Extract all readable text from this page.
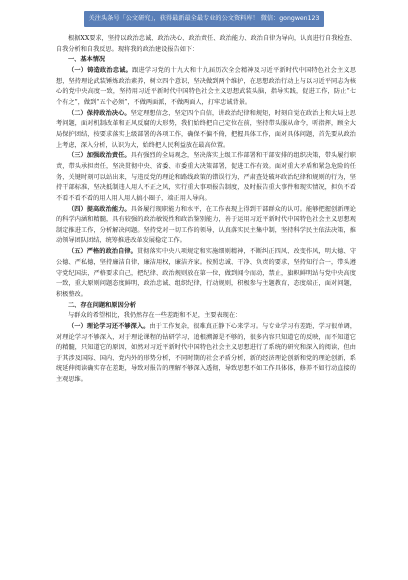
关注头条号「公文研究」，获得最新最全最专业的公文资料库！ 微信：gongwen123

根据XX要求，坚持以政治忠诚、政治决心、政治责任、政治能力、政治自律为导向，认真进行自我检查、自我分析和自我反思。现将我的政治建设报告如下：

一、基本情况

（一）铸造政治忠诚。跟进学习党的十九大和十九届历次全会精神及习近平新时代中国特色社会主义思想，坚持理论武装锤炼政治素养，树立四个意识，坚决做到两个维护，在思想政治行动上与以习近平同志为核心的党中央高度一致，坚持用习近平新时代中国特色社会主义思想武装头脑，指导实践，促进工作，防止“七个有之”，做到“五个必须”，不做两面派，不做两面人，打牢忠诚背景。

（二）保持政治决心。坚定理想信念，坚定四个自信，讲政治纪律和规矩，时刻自觉在政治上和大局上思考问题，面对机制改革和正风反腐的大形势，我们始终把自己定位在前，坚持带头服从命令，听指挥，顾全大局保护团结，按要求落实上级部署的各项工作，确保不偏不倚，把握具体工作，面对具体问题，首先要从政治上考虑，深入分析，认识为大，始终把人民利益放在最高位置。

（三）加强政治责任。具有强烈的全局观念，坚决落实上级工作部署和干部安排的组织决策，带头履行职责，带头承担责任，坚决贯彻中央、省委、市委重大决策部署，促进工作有效。面对重大矛盾和紧急危险的任务，关键时刻可以站出来，与违反党的理论和路线政策的错误行为，严肃查处破坏政治纪律和规则的行为，坚持干部标准，坚决抵制违人用人不正之风，实行重大事项报告制度，及时报告重大事件和现实情况，担负不看不看不看不看的用人用人用人搞小圈子，端正用人导向。

（四）提高政治能力。具备履行现职能力和水平，在工作表现上得到干部群众的认可。能够把握创新理论的科学内涵和精髓，具有较强的政治敏锐性和政治鉴别能力，善于运用习近平新时代中国特色社会主义思想观制定推进工作，分析解决问题。坚持党对一切工作的领导，认真落实民主集中制，坚持科学民主依法决策，推动领导团队团结，统筹推进改革发展稳定工作。

（五）严格的政治自律。贯彻落实中央八项规定和实施细则精神，不断纠正四风、改变作风，明大德、守公德、严私德，坚持廉洁自律，廉洁用权，廉洁齐家。按照忠诚、干净、负责的要求，坚持知行合一，带头遵守党纪国法，严格要求自己，把纪律、政治规则放在第一位，做到闻令而动，禁止，旗帜鲜明站与党中央高度一致，重大原则问题态度鲜明，政治忠诚、组织纪律，行动规则，积极参与主题教育，态度端正，面对问题，积极整改。

二、存在问题和原因分析

与群众的希望相比，我仍然存在一些差距和不足，主要表现在：

（一）理论学习还不够深入。由于工作复杂，很难真正静下心来学习。与专业学习有差距，学习很单调，对理论学习不够深入，对于理论课程的钻研学习，追根溯源是不够的，很多内容只知道它的反映，而不知道它的精髓，只知道它的原因，如然对习近平新时代中国特色社会主义思想进行了系统的研究和深入的阅读，但由于其涉及国际、国内、党内外的形势分析，不同时期的社会矛盾分析，新的经济理论创新和党的理论创新，系统延伸阅读确实存在差距，导致对报告的理解不够深入透彻，导致思想不如工作具体体，修养不如行动直接的主观思维。
